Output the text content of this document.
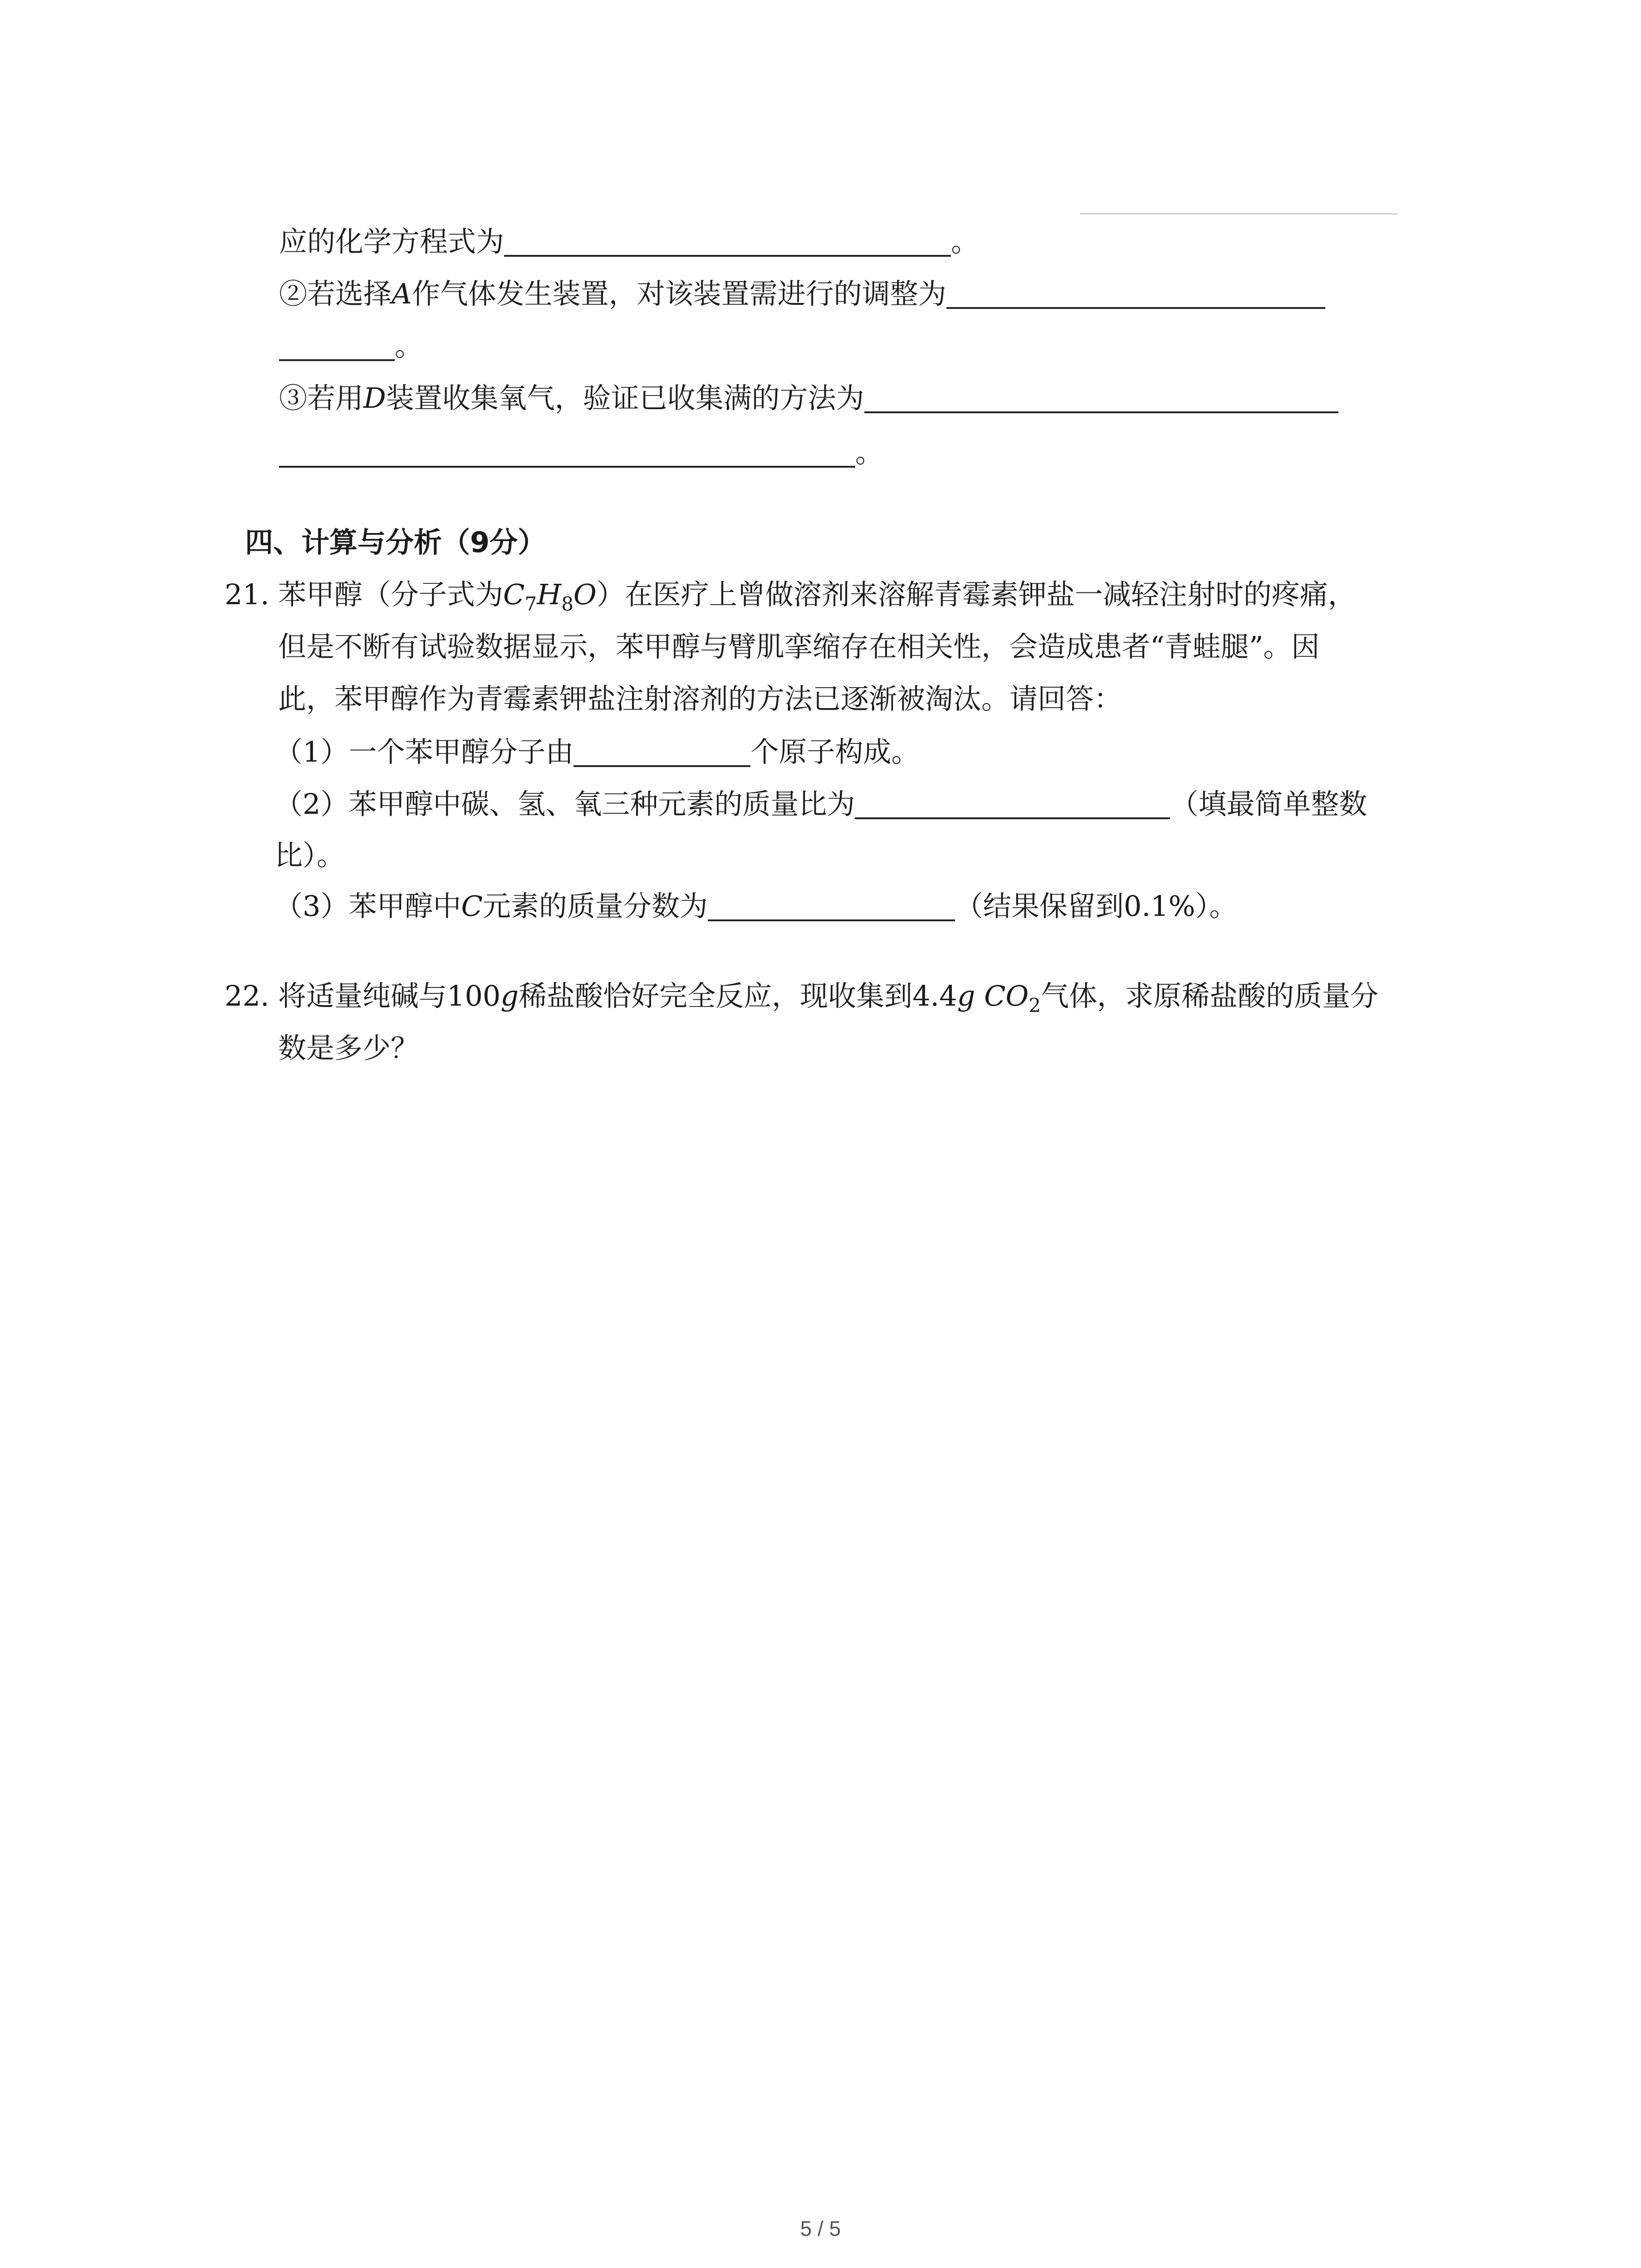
应的化学方程式为	。
②若选择A作气体发生装置，对该装置需进行的调整为
。
③若用D装置收集氧气，验证已收集满的方法为
。
四、计算与分析（9分）
21. 苯甲醇（分子式为$C_7H_8O$）在医疗上曾做溶剂来溶解青霉素钾盐一减轻注射时的疼痛，
但是不断有试验数据显示，苯甲醇与臂肌挛缩存在相关性，会造成患者“青蛙腿”。因
此，苯甲醇作为青霉素钾盐注射溶剂的方法已逐渐被淘汰。请回答：
（1）一个苯甲醇分子由	个原子构成。
（2）苯甲醇中碳、氢、氧三种元素的质量比为	（填最简单整数
比）。
（3）苯甲醇中C元素的质量分数为	（结果保留到0.1%）。
22. 将适量纯碱与100g稀盐酸恰好完全反应，现收集到4.4g $CO_2$气体，求原稀盐酸的质量分
数是多少？
5 / 5
